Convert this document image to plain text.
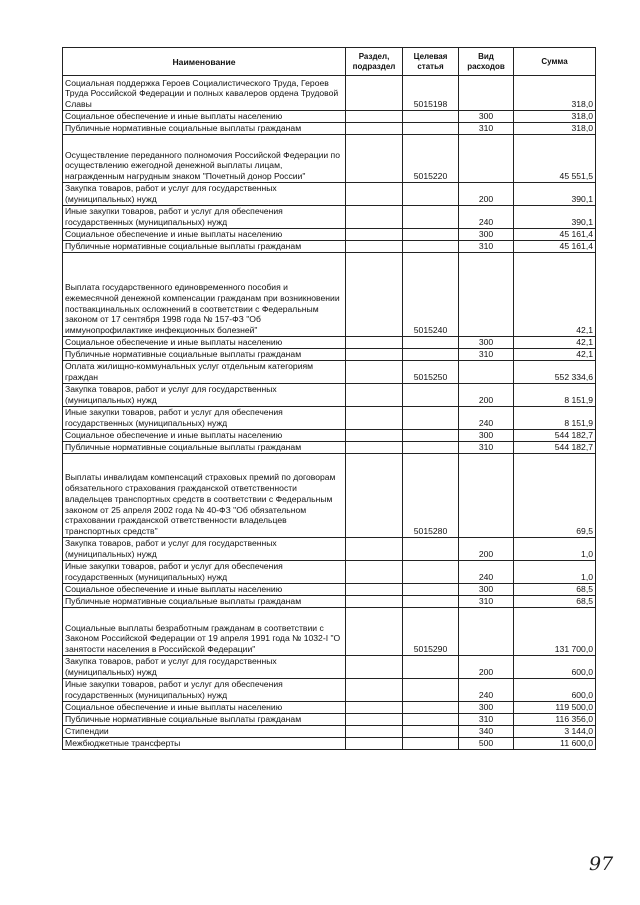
Наименование	Раздел, подраздел	Целевая статья	Вид расходов	Сумма
Социальная поддержка Героев Социалистического Труда, Героев Труда Российской Федерации и полных кавалеров ордена Трудовой Славы		5015198		318,0
Социальное обеспечение и иные выплаты населению			300	318,0
Публичные нормативные социальные выплаты гражданам			310	318,0
Осуществление переданного полномочия Российской Федерации по осуществлению ежегодной денежной выплаты лицам, награжденным нагрудным знаком "Почетный донор России"		5015220		45 551,5
Закупка товаров, работ и услуг для государственных (муниципальных) нужд			200	390,1
Иные закупки товаров, работ и услуг для обеспечения государственных (муниципальных) нужд			240	390,1
Социальное обеспечение и иные выплаты населению			300	45 161,4
Публичные нормативные социальные выплаты гражданам			310	45 161,4
Выплата государственного единовременного пособия и ежемесячной денежной компенсации гражданам при возникновении поствакцинальных осложнений в соответствии с Федеральным законом от 17 сентября 1998 года № 157-ФЗ "Об иммунопрофилактике инфекционных болезней"		5015240		42,1
Социальное обеспечение и иные выплаты населению			300	42,1
Публичные нормативные социальные выплаты гражданам			310	42,1
Оплата жилищно-коммунальных услуг отдельным категориям граждан		5015250		552 334,6
Закупка товаров, работ и услуг для государственных (муниципальных) нужд			200	8 151,9
Иные закупки товаров, работ и услуг для обеспечения государственных (муниципальных) нужд			240	8 151,9
Социальное обеспечение и иные выплаты населению			300	544 182,7
Публичные нормативные социальные выплаты гражданам			310	544 182,7
Выплаты инвалидам компенсаций страховых премий по договорам обязательного страхования гражданской ответственности владельцев транспортных средств в соответствии с Федеральным законом от 25 апреля 2002 года № 40-ФЗ "Об обязательном страховании гражданской ответственности владельцев транспортных средств"		5015280		69,5
Закупка товаров, работ и услуг для государственных (муниципальных) нужд			200	1,0
Иные закупки товаров, работ и услуг для обеспечения государственных (муниципальных) нужд			240	1,0
Социальное обеспечение и иные выплаты населению			300	68,5
Публичные нормативные социальные выплаты гражданам			310	68,5
Социальные выплаты безработным гражданам в соответствии с Законом Российской Федерации от 19 апреля 1991 года № 1032-I "О занятости населения в Российской Федерации"		5015290		131 700,0
Закупка товаров, работ и услуг для государственных (муниципальных) нужд			200	600,0
Иные закупки товаров, работ и услуг для обеспечения государственных (муниципальных) нужд			240	600,0
Социальное обеспечение и иные выплаты населению			300	119 500,0
Публичные нормативные социальные выплаты гражданам			310	116 356,0
Стипендии			340	3 144,0
Межбюджетные трансферты			500	11 600,0
97
